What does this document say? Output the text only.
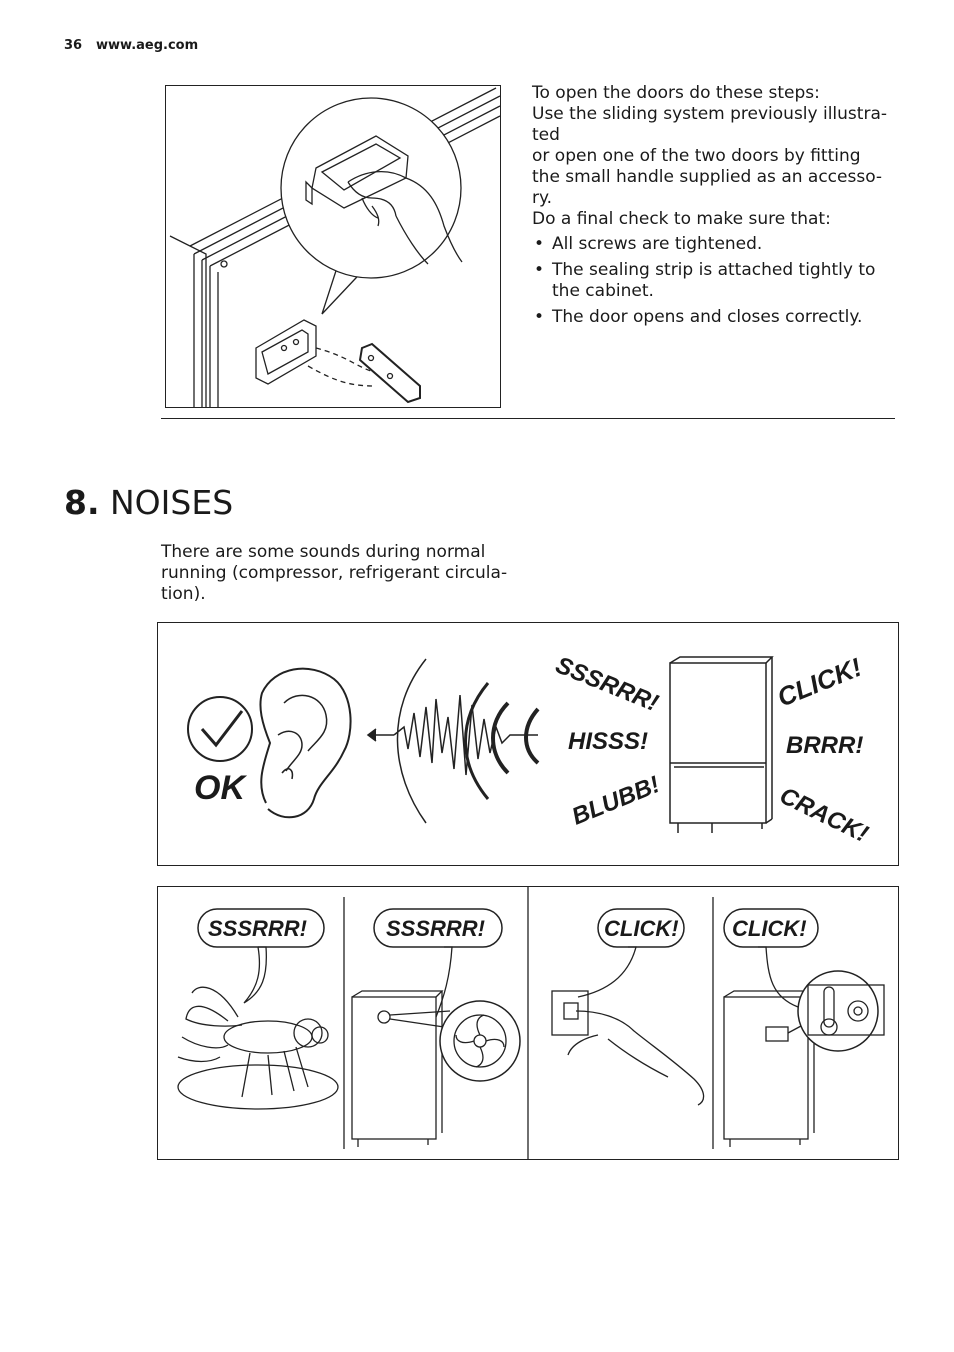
36 www.aeg.com

To open the doors do these steps:

Use the sliding system previously illustra-ted

or open one of the two doors by fitting the small handle supplied as an accesso-ry.

Do a final check to make sure that:

• All screws are tightened.
• The sealing strip is attached tightly to the cabinet.
• The door opens and closes correctly.
8. NOISES
There are some sounds during normal running (compressor, refrigerant circula-tion).
OK
SSSRRR!
HISSS!
BLUBB!
CLICK!
BRRR!
CRACK!
SSSRRR!	SSSRRR!	CLICK! CLICK!
